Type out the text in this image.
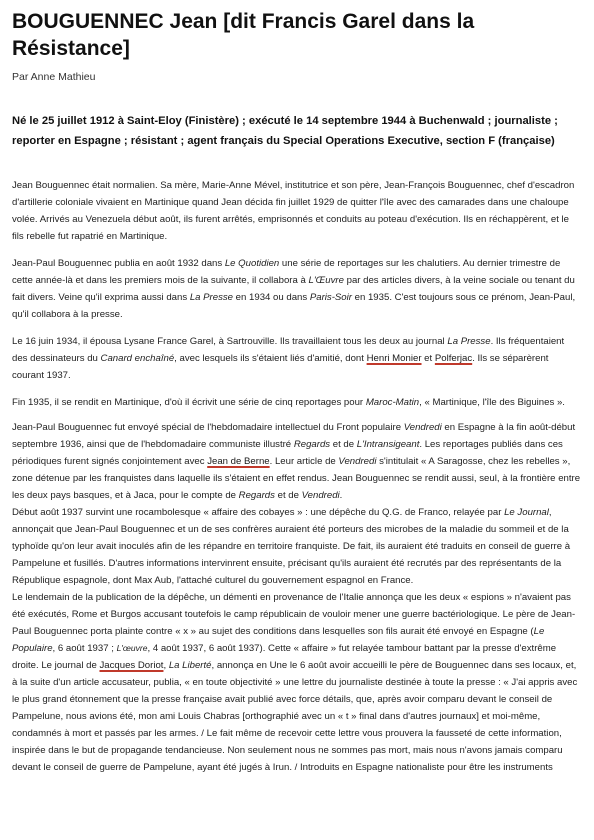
BOUGUENNEC Jean [dit Francis Garel dans la Résistance]

Par Anne Mathieu

Né le 25 juillet 1912 à Saint-Eloy (Finistère) ; exécuté le 14 septembre 1944 à Buchenwald ; journaliste ; reporter en Espagne ; résistant ; agent français du Special Operations Executive, section F (française)

Jean Bouguennec était normalien. Sa mère, Marie-Anne Mével, institutrice et son père, Jean-François Bouguennec, chef d'escadron d'artillerie coloniale vivaient en Martinique quand Jean décida fin juillet 1929 de quitter l'île avec des camarades dans une chaloupe volée. Arrivés au Venezuela début août, ils furent arrêtés, emprisonnés et conduits au poteau d'exécution. Ils en réchappèrent, et le fils rebelle fut rapatrié en Martinique.

Jean-Paul Bouguennec publia en août 1932 dans Le Quotidien une série de reportages sur les chalutiers. Au dernier trimestre de cette année-là et dans les premiers mois de la suivante, il collabora à L'Œuvre par des articles divers, à la veine sociale ou tenant du fait divers. Veine qu'il exprima aussi dans La Presse en 1934 ou dans Paris-Soir en 1935. C'est toujours sous ce prénom, Jean-Paul, qu'il collabora à la presse.

Le 16 juin 1934, il épousa Lysane France Garel, à Sartrouville. Ils travaillaient tous les deux au journal La Presse. Ils fréquentaient des dessinateurs du Canard enchaîné, avec lesquels ils s'étaient liés d'amitié, dont Henri Monier et Polferjac. Ils se séparèrent courant 1937.

Fin 1935, il se rendit en Martinique, d'où il écrivit une série de cinq reportages pour Maroc-Matin, « Martinique, l'île des Biguines ».

Jean-Paul Bouguennec fut envoyé spécial de l'hebdomadaire intellectuel du Front populaire Vendredi en Espagne à la fin août-début septembre 1936, ainsi que de l'hebdomadaire communiste illustré Regards et de L'Intransigeant. Les reportages publiés dans ces périodiques furent signés conjointement avec Jean de Berne. Leur article de Vendredi s'intitulait « A Saragosse, chez les rebelles », zone détenue par les franquistes dans laquelle ils s'étaient en effet rendus. Jean Bouguennec se rendit aussi, seul, à la frontière entre les deux pays basques, et à Jaca, pour le compte de Regards et de Vendredi.

Début août 1937 survint une rocambolesque « affaire des cobayes » : une dépêche du Q.G. de Franco, relayée par Le Journal, annonçait que Jean-Paul Bouguennec et un de ses confrères auraient été porteurs des microbes de la maladie du sommeil et de la typhoïde qu'on leur avait inoculés afin de les répandre en territoire franquiste. De fait, ils auraient été traduits en conseil de guerre à Pampelune et fusillés. D'autres informations intervinrent ensuite, précisant qu'ils auraient été recrutés par des représentants de la République espagnole, dont Max Aub, l'attaché culturel du gouvernement espagnol en France.

Le lendemain de la publication de la dépêche, un démenti en provenance de l'Italie annonça que les deux « espions » n'avaient pas été exécutés, Rome et Burgos accusant toutefois le camp républicain de vouloir mener une guerre bactériologique. Le père de Jean-Paul Bouguennec porta plainte contre « x » au sujet des conditions dans lesquelles son fils aurait été envoyé en Espagne (Le Populaire, 6 août 1937 ; L'œuvre, 4 août 1937, 6 août 1937). Cette « affaire » fut relayée tambour battant par la presse d'extrême droite. Le journal de Jacques Doriot, La Liberté, annonça en Une le 6 août avoir accueilli le père de Bouguennec dans ses locaux, et, à la suite d'un article accusateur, publia, « en toute objectivité » une lettre du journaliste destinée à toute la presse : « J'ai appris avec le plus grand étonnement que la presse française avait publié avec force détails, que, après avoir comparu devant le conseil de Pampelune, nous avions été, mon ami Louis Chabras [orthographié avec un « t » final dans d'autres journaux] et moi-même, condamnés à mort et passés par les armes. / Le fait même de recevoir cette lettre vous prouvera la fausseté de cette information, inspirée dans le but de propagande tendancieuse. Non seulement nous ne sommes pas mort, mais nous n'avons jamais comparu devant le conseil de guerre de Pampelune, ayant été jugés à Irun. / Introduits en Espagne nationaliste pour être les instruments
